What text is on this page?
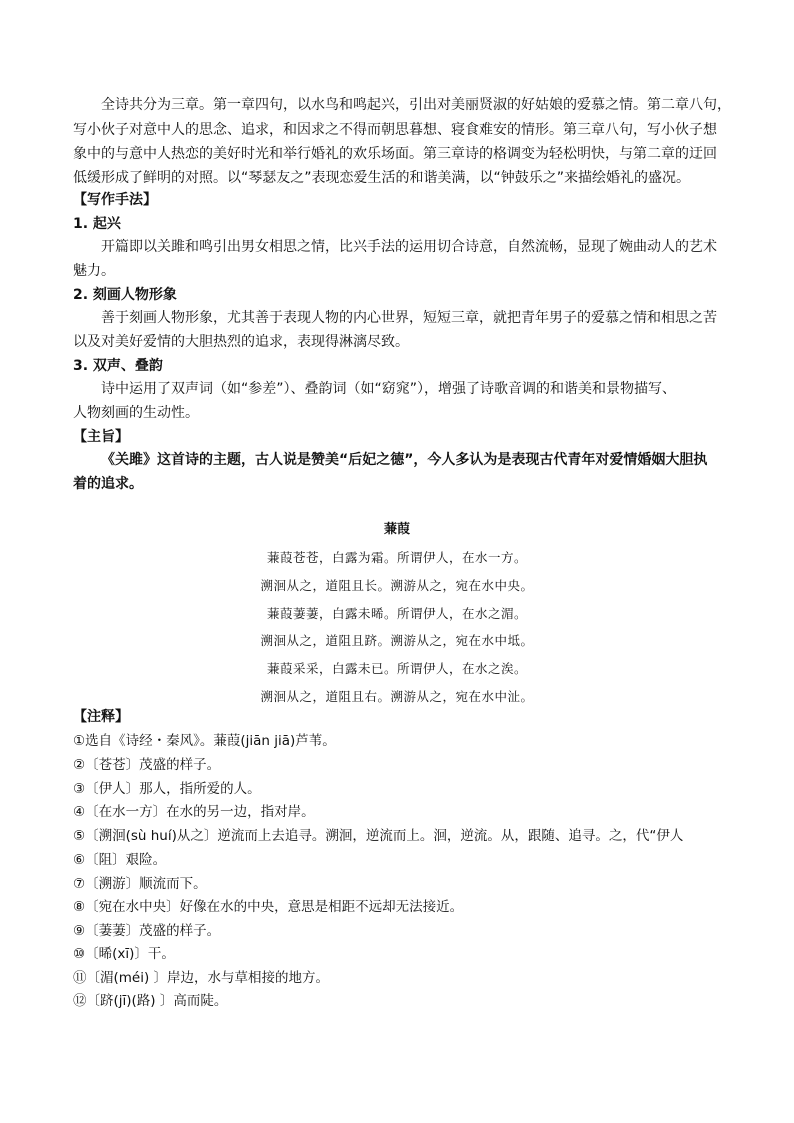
全诗共分为三章。第一章四句，以水鸟和鸣起兴，引出对美丽贤淑的好姑娘的爱慕之情。第二章八句，
写小伙子对意中人的思念、追求，和因求之不得而朝思暮想、寝食难安的情形。第三章八句，写小伙子想
象中的与意中人热恋的美好时光和举行婚礼的欢乐场面。第三章诗的格调变为轻松明快，与第二章的迂回
低缓形成了鲜明的对照。以“琴瑟友之”表现恋爱生活的和谐美满，以“钟鼓乐之”来描绘婚礼的盛况。
【写作手法】
1. 起兴
开篇即以关雎和鸣引出男女相思之情，比兴手法的运用切合诗意，自然流畅，显现了婉曲动人的艺术
魅力。
2. 刻画人物形象
善于刻画人物形象，尤其善于表现人物的内心世界，短短三章，就把青年男子的爱慕之情和相思之苦
以及对美好爱情的大胆热烈的追求，表现得淋漓尽致。
3. 双声、叠韵
诗中运用了双声词（如“参差”）、叠韵词（如“窈窕”），增强了诗歌音调的和谐美和景物描写、
人物刻画的生动性。
【主旨】
《关雎》这首诗的主题，古人说是赞美“后妃之德”，今人多认为是表现古代青年对爱情婚姻大胆执
着的追求。
蒹葭
蒹葭苍苍，白露为霜。所谓伊人，在水一方。
溯洄从之，道阻且长。溯游从之，宛在水中央。
蒹葭萋萋，白露未晞。所谓伊人，在水之湄。
溯洄从之，道阻且跻。溯游从之，宛在水中坻。
蒹葭采采，白露未已。所谓伊人，在水之涘。
溯洄从之，道阻且右。溯游从之，宛在水中沚。
【注释】
①选自《诗经・秦风》。蒹葭(jiān jiā)芦苇。
②〔苍苍〕茂盛的样子。
③〔伊人〕那人，指所爱的人。
④〔在水一方〕在水的另一边，指对岸。
⑤〔溯洄(sù huí)从之〕逆流而上去追寻。溯洄，逆流而上。洄，逆流。从，跟随、追寻。之，代“伊人
⑥〔阻〕艰险。
⑦〔溯游〕顺流而下。
⑧〔宛在水中央〕好像在水的中央，意思是相距不远却无法接近。
⑨〔萋萋〕茂盛的样子。
⑩〔晞(xī)〕干。
⑪〔湄(méi) 〕岸边，水与草相接的地方。
⑫〔跻(jī)(路) 〕高而陡。
